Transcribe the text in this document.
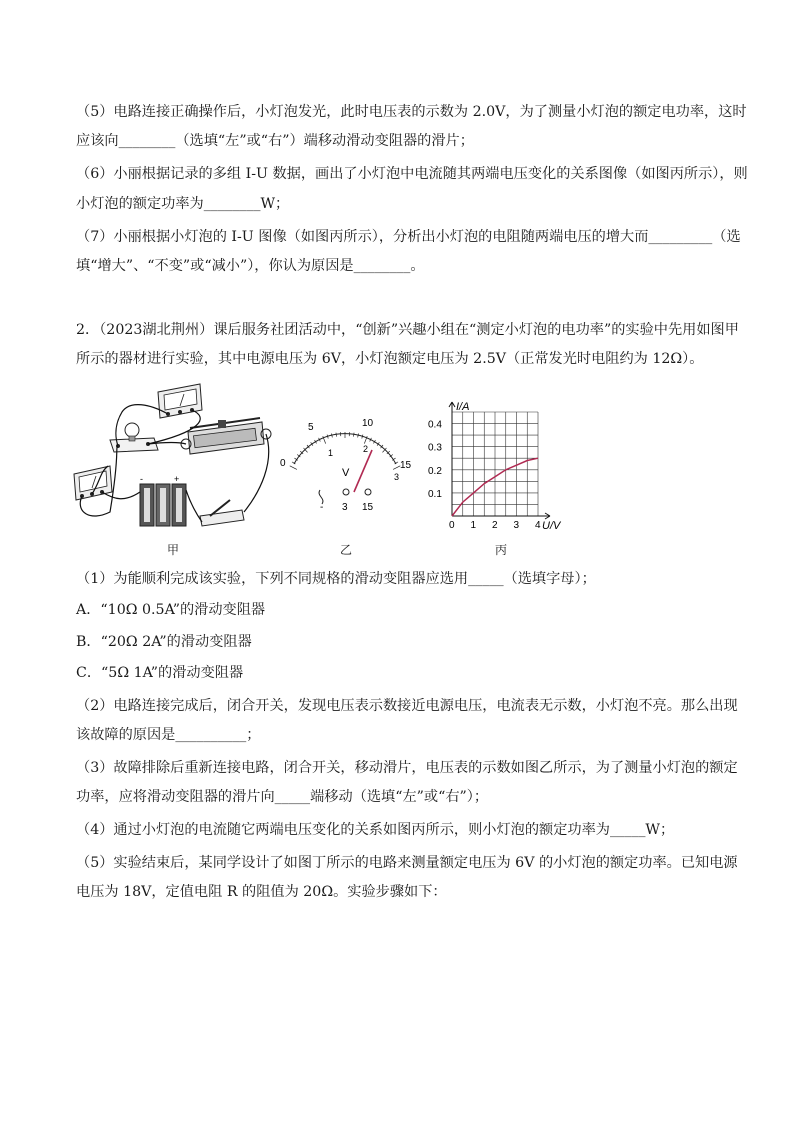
（5）电路连接正确操作后，小灯泡发光，此时电压表的示数为 2.0V，为了测量小灯泡的额定电功率，这时
应该向________（选填“左”或“右”）端移动滑动变阻器的滑片；
（6）小丽根据记录的多组 I-U 数据，画出了小灯泡中电流随其两端电压变化的关系图像（如图丙所示），则
小灯泡的额定功率为________W；
（7）小丽根据小灯泡的 I-U 图像（如图丙所示），分析出小灯泡的电阻随两端电压的增大而_________（选
填“增大”、“不变”或“减小”），你认为原因是________。
2．（2023湖北荆州）课后服务社团活动中，“创新”兴趣小组在“测定小灯泡的电功率”的实验中先用如图甲
所示的器材进行实验，其中电源电压为 6V，小灯泡额定电压为 2.5V（正常发光时电阻约为 12Ω）。
-	+
0
5	10
15
1	2
3
V
- 3 15
0 1 2 3 4
0.1
0.2
0.3
0.4
I/A
U/V
甲	乙	丙
（1）为能顺利完成该实验，下列不同规格的滑动变阻器应选用_____（选填字母）；
A．“10Ω 0.5A”的滑动变阻器
B．“20Ω 2A”的滑动变阻器
C．“5Ω 1A”的滑动变阻器
（2）电路连接完成后，闭合开关，发现电压表示数接近电源电压，电流表无示数，小灯泡不亮。那么出现
该故障的原因是__________；
（3）故障排除后重新连接电路，闭合开关，移动滑片，电压表的示数如图乙所示，为了测量小灯泡的额定
功率，应将滑动变阻器的滑片向_____端移动（选填“左”或“右”）；
（4）通过小灯泡的电流随它两端电压变化的关系如图丙所示，则小灯泡的额定功率为_____W；
（5）实验结束后，某同学设计了如图丁所示的电路来测量额定电压为 6V 的小灯泡的额定功率。已知电源
电压为 18V，定值电阻 R 的阻值为 20Ω。实验步骤如下：
